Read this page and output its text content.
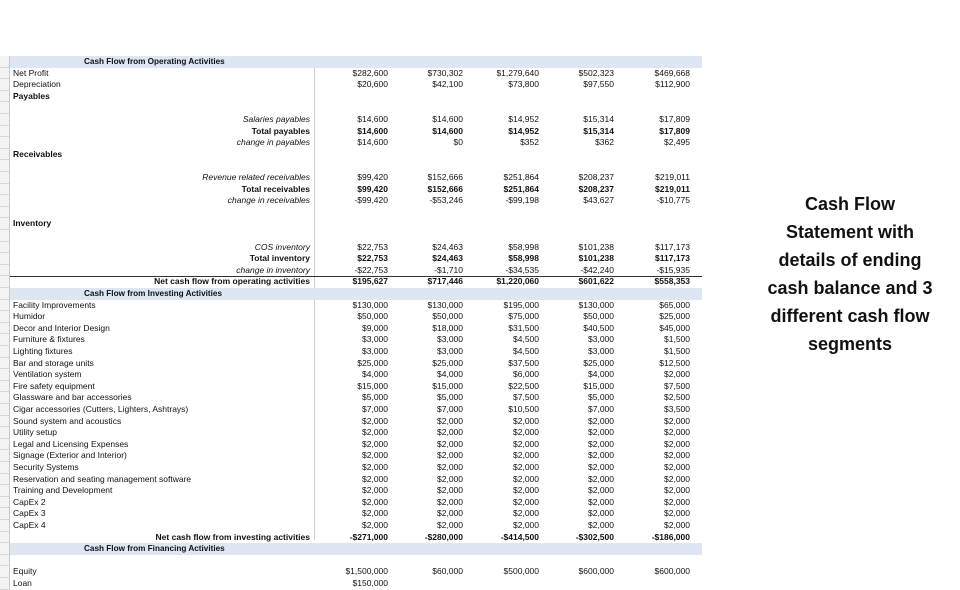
Cash Flow from Operating Activities
Net Profit	$282,600	$730,302	$1,279,640	$502,323	$469,668
Depreciation	$20,600	$42,100	$73,800	$97,550	$112,900
Payables
Salaries payables	$14,600	$14,600	$14,952	$15,314	$17,809
Total payables	$14,600	$14,600	$14,952	$15,314	$17,809
change in payables	$14,600	$0	$352	$362	$2,495
Receivables
Revenue related receivables	$99,420	$152,666	$251,864	$208,237	$219,011
Total receivables	$99,420	$152,666	$251,864	$208,237	$219,011
change in receivables	-$99,420	-$53,246	-$99,198	$43,627	-$10,775
Inventory
COS inventory	$22,753	$24,463	$58,998	$101,238	$117,173
Total inventory	$22,753	$24,463	$58,998	$101,238	$117,173
change in inventory	-$22,753	-$1,710	-$34,535	-$42,240	-$15,935
Net cash flow from operating activities	$195,627	$717,446	$1,220,060	$601,622	$558,353
Cash Flow from Investing Activities
Facility Improvements	$130,000	$130,000	$195,000	$130,000	$65,000
Humidor	$50,000	$50,000	$75,000	$50,000	$25,000
Decor and Interior Design	$9,000	$18,000	$31,500	$40,500	$45,000
Furniture & fixtures	$3,000	$3,000	$4,500	$3,000	$1,500
Lighting fixtures	$3,000	$3,000	$4,500	$3,000	$1,500
Bar and storage units	$25,000	$25,000	$37,500	$25,000	$12,500
Ventilation system	$4,000	$4,000	$6,000	$4,000	$2,000
Fire safety equipment	$15,000	$15,000	$22,500	$15,000	$7,500
Glassware and bar accessories	$5,000	$5,000	$7,500	$5,000	$2,500
Cigar accessories (Cutters, Lighters, Ashtrays)	$7,000	$7,000	$10,500	$7,000	$3,500
Sound system and acoustics	$2,000	$2,000	$2,000	$2,000	$2,000
Utility setup	$2,000	$2,000	$2,000	$2,000	$2,000
Legal and Licensing Expenses	$2,000	$2,000	$2,000	$2,000	$2,000
Signage (Exterior and Interior)	$2,000	$2,000	$2,000	$2,000	$2,000
Security Systems	$2,000	$2,000	$2,000	$2,000	$2,000
Reservation and seating management software	$2,000	$2,000	$2,000	$2,000	$2,000
Training and Development	$2,000	$2,000	$2,000	$2,000	$2,000
CapEx 2	$2,000	$2,000	$2,000	$2,000	$2,000
CapEx 3	$2,000	$2,000	$2,000	$2,000	$2,000
CapEx 4	$2,000	$2,000	$2,000	$2,000	$2,000
Net cash flow from investing activities	-$271,000	-$280,000	-$414,500	-$302,500	-$186,000
Cash Flow from Financing Activities
Equity	$1,500,000	$60,000	$500,000	$600,000	$600,000
Loan	$150,000
Cash Flow Statement with details of ending cash balance and 3 different cash flow segments
